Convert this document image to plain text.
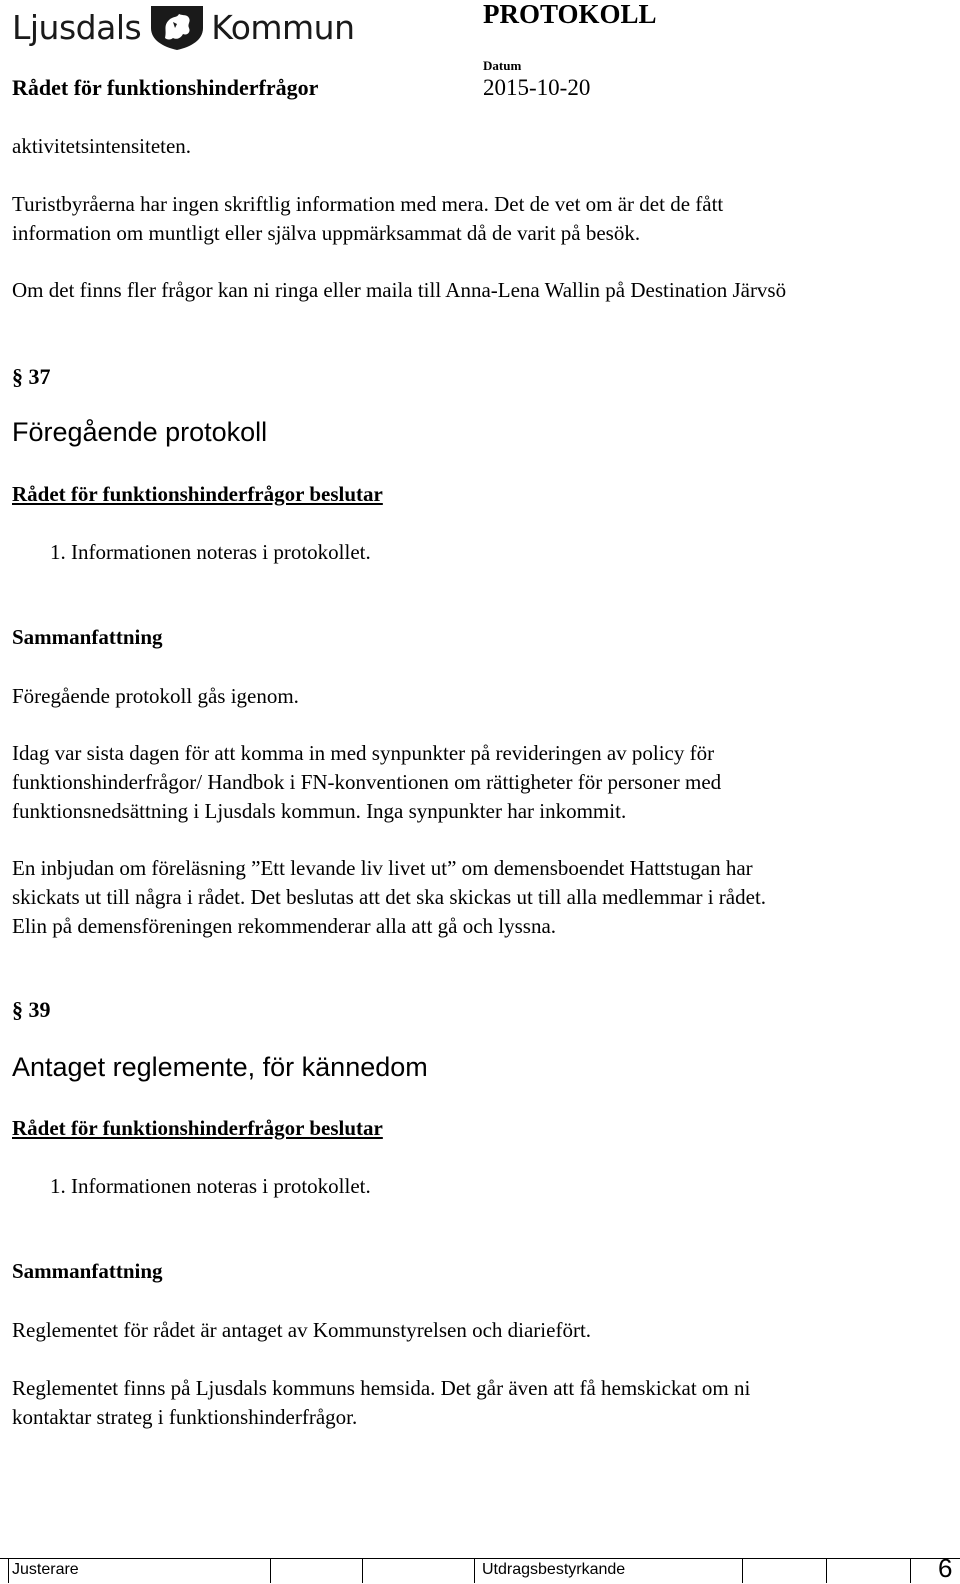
Ljusdals Kommun	PROTOKOLL
Rådet för funktionshinderfrågor
Datum
2015-10-20
aktivitetsintensiteten.
Turistbyråerna har ingen skriftlig information med mera. Det de vet om är det de fått
information om muntligt eller själva uppmärksammat då de varit på besök.
Om det finns fler frågor kan ni ringa eller maila till Anna-Lena Wallin på Destination Järvsö
§ 37
Föregående protokoll
Rådet för funktionshinderfrågor beslutar
1. Informationen noteras i protokollet.
Sammanfattning
Föregående protokoll gås igenom.
Idag var sista dagen för att komma in med synpunkter på revideringen av policy för
funktionshinderfrågor/ Handbok i FN-konventionen om rättigheter för personer med
funktionsnedsättning i Ljusdals kommun. Inga synpunkter har inkommit.
En inbjudan om föreläsning ”Ett levande liv livet ut” om demensboendet Hattstugan har
skickats ut till några i rådet. Det beslutas att det ska skickas ut till alla medlemmar i rådet.
Elin på demensföreningen rekommenderar alla att gå och lyssna.
§ 39
Antaget reglemente, för kännedom
Rådet för funktionshinderfrågor beslutar
1. Informationen noteras i protokollet.
Sammanfattning
Reglementet för rådet är antaget av Kommunstyrelsen och diariefört.
Reglementet finns på Ljusdals kommuns hemsida. Det går även att få hemskickat om ni
kontaktar strateg i funktionshinderfrågor.
Justerare	Utdragsbestyrkande	6
